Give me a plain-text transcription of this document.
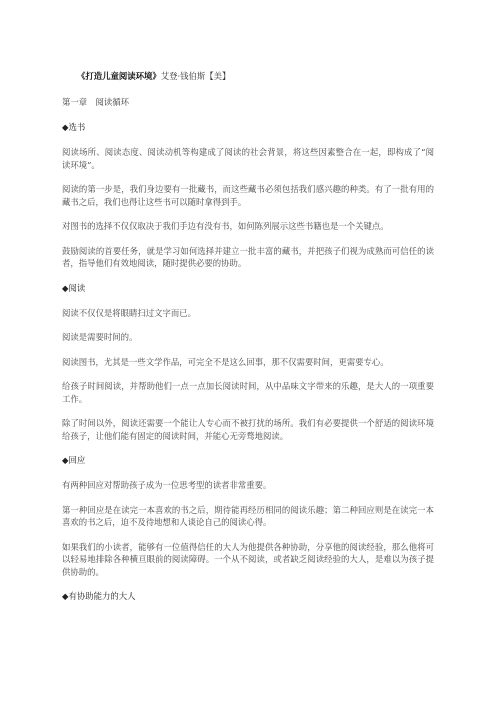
《打造儿童阅读环境》艾登·钱伯斯【美】
第一章　阅读循环
◆选书

阅读场所、阅读态度、阅读动机等构建成了阅读的社会背景，将这些因素整合在一起，即构成了“阅读环境”。

阅读的第一步是，我们身边要有一批藏书，而这些藏书必须包括我们感兴趣的种类。有了一批有用的藏书之后，我们也得让这些书可以随时拿得到手。

对图书的选择不仅仅取决于我们手边有没有书，如何陈列展示这些书籍也是一个关键点。

鼓励阅读的首要任务，就是学习如何选择并建立一批丰富的藏书，并把孩子们视为成熟而可信任的读者，指导他们有效地阅读，随时提供必要的协助。

◆阅读

阅读不仅仅是将眼睛扫过文字而已。

阅读是需要时间的。

阅读图书，尤其是一些文学作品，可完全不是这么回事，那不仅需要时间，更需要专心。

给孩子时间阅读，并帮助他们一点一点加长阅读时间，从中品味文字带来的乐趣，是大人的一项重要工作。

除了时间以外，阅读还需要一个能让人专心而不被打扰的场所。我们有必要提供一个舒适的阅读环境给孩子，让他们能有固定的阅读时间，并能心无旁骛地阅读。

◆回应

有两种回应对帮助孩子成为一位思考型的读者非常重要。

第一种回应是在读完一本喜欢的书之后，期待能再经历相同的阅读乐趣；第二种回应则是在读完一本喜欢的书之后，迫不及待地想和人谈论自己的阅读心得。

如果我们的小读者，能够有一位值得信任的大人为他提供各种协助，分享他的阅读经验，那么他将可以轻易地排除各种横亘眼前的阅读障碍。一个从不阅读，或者缺乏阅读经验的大人，是难以为孩子提供协助的。

◆有协助能力的大人
